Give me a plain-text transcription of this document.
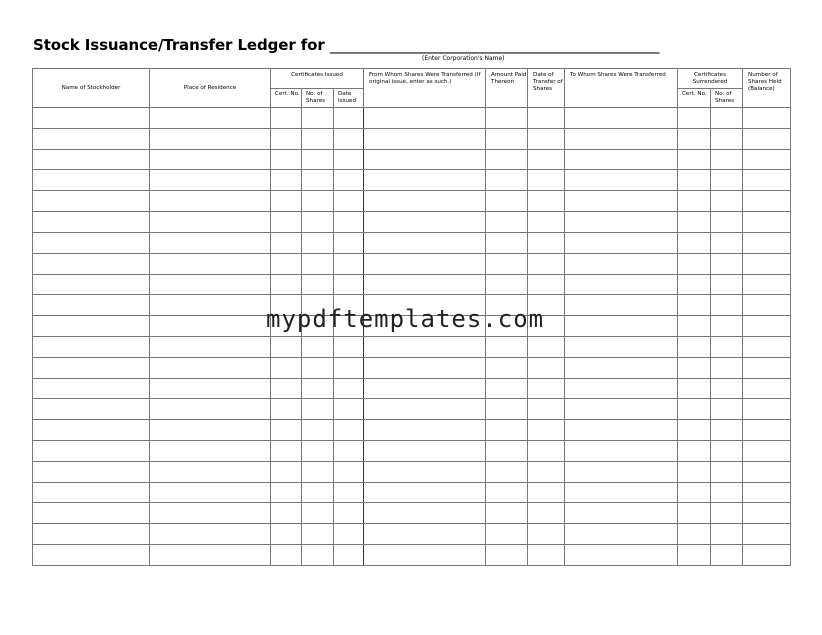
Stock Issuance/Transfer Ledger for _______________________________________________
(Enter Corporation's Name)
Name of Stockholder	Place of Residence	Certificates Issued			From Whom Shares Were Transferred (If original issue, enter as such.)	Amount Paid Thereon	Date of Transfer of Shares	To Whom Shares Were Transferred	Certificates Surrendered		Number of Shares Held (Balance)
		Cert. No.	No. of Shares	Date Issued					Cert. No.	No. of Shares	

mypdftemplates.com
